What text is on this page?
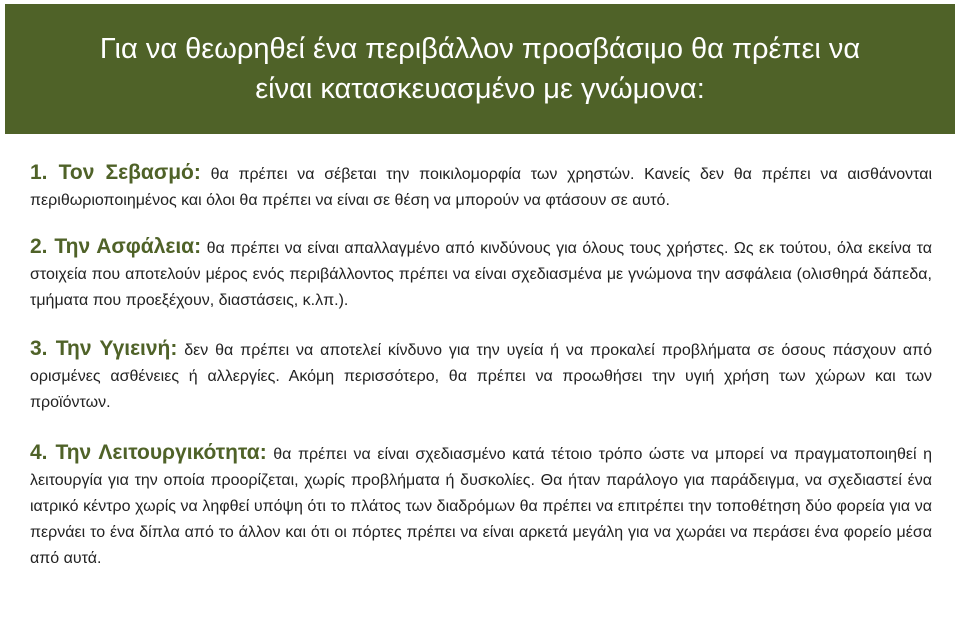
Για να θεωρηθεί ένα περιβάλλον προσβάσιμο θα πρέπει να
είναι κατασκευασμένο με γνώμονα:

1. Τον Σεβασμό: θα πρέπει να σέβεται την ποικιλομορφία των χρηστών. Κανείς δεν θα πρέπει να αισθάνονται περιθωριοποιημένος και όλοι θα πρέπει να είναι σε θέση να μπορούν να φτάσουν σε αυτό.

2. Την Ασφάλεια: θα πρέπει να είναι απαλλαγμένο από κινδύνους για όλους τους χρήστες. Ως εκ τούτου, όλα εκείνα τα στοιχεία που αποτελούν μέρος ενός περιβάλλοντος πρέπει να είναι σχεδιασμένα με γνώμονα την ασφάλεια (ολισθηρά δάπεδα, τμήματα που προεξέχουν, διαστάσεις, κ.λπ.).

3. Την Υγιεινή: δεν θα πρέπει να αποτελεί κίνδυνο για την υγεία ή να προκαλεί προβλήματα σε όσους πάσχουν από ορισμένες ασθένειες ή αλλεργίες. Ακόμη περισσότερο, θα πρέπει να προωθήσει την υγιή χρήση των χώρων και των προϊόντων.

4. Την Λειτουργικότητα: θα πρέπει να είναι σχεδιασμένο κατά τέτοιο τρόπο ώστε να μπορεί να πραγματοποιηθεί η λειτουργία για την οποία προορίζεται, χωρίς προβλήματα ή δυσκολίες. Θα ήταν παράλογο για παράδειγμα, να σχεδιαστεί ένα ιατρικό κέντρο χωρίς να ληφθεί υπόψη ότι το πλάτος των διαδρόμων θα πρέπει να επιτρέπει την τοποθέτηση δύο φορεία για να περνάει το ένα δίπλα από το άλλον και ότι οι πόρτες πρέπει να είναι αρκετά μεγάλη για να χωράει να περάσει ένα φορείο μέσα από αυτά.
